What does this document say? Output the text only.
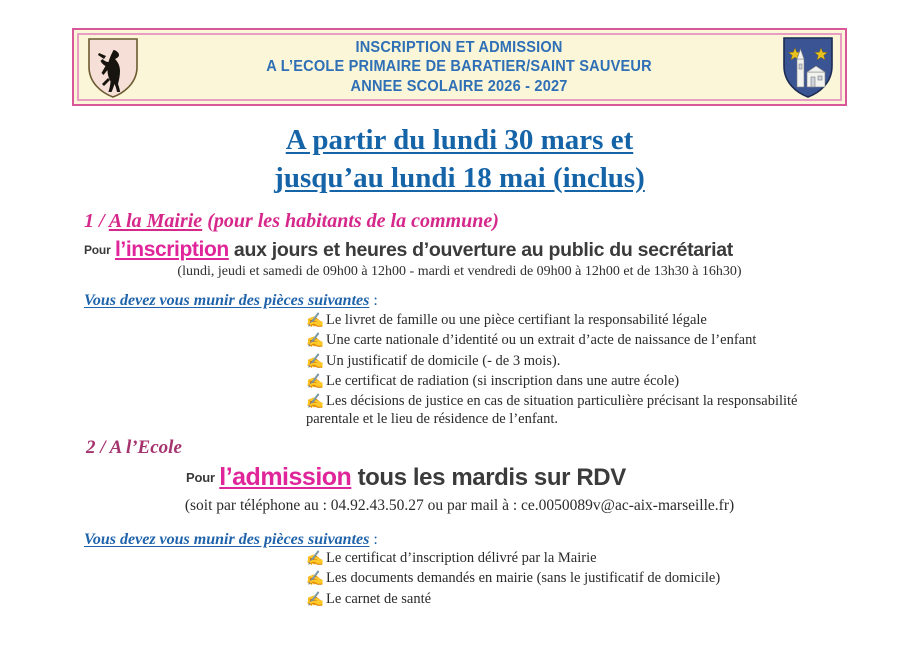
INSCRIPTION ET ADMISSION
A L’ECOLE PRIMAIRE DE BARATIER/SAINT SAUVEUR
ANNEE SCOLAIRE 2026 - 2027
A partir du lundi 30 mars et
jusqu’au lundi 18 mai (inclus)
1 / A la Mairie (pour les habitants de la commune)
Pour l’inscription aux jours et heures d’ouverture au public du secrétariat
(lundi, jeudi et samedi de 09h00 à 12h00 - mardi et vendredi de 09h00 à 12h00 et de 13h30 à 16h30)
Vous devez vous munir des pièces suivantes :
✍ Le livret de famille ou une pièce certifiant la responsabilité légale
✍ Une carte nationale d’identité ou un extrait d’acte de naissance de l’enfant
✍ Un justificatif de domicile (- de 3 mois).
✍ Le certificat de radiation (si inscription dans une autre école)
✍ Les décisions de justice en cas de situation particulière précisant la responsabilité
parentale et le lieu de résidence de l’enfant.
2 / A l’Ecole
Pour l’admission tous les mardis sur RDV
(soit par téléphone au : 04.92.43.50.27 ou par mail à : ce.0050089v@ac-aix-marseille.fr)
Vous devez vous munir des pièces suivantes :
✍ Le certificat d’inscription délivré par la Mairie
✍ Les documents demandés en mairie (sans le justificatif de domicile)
✍ Le carnet de santé
